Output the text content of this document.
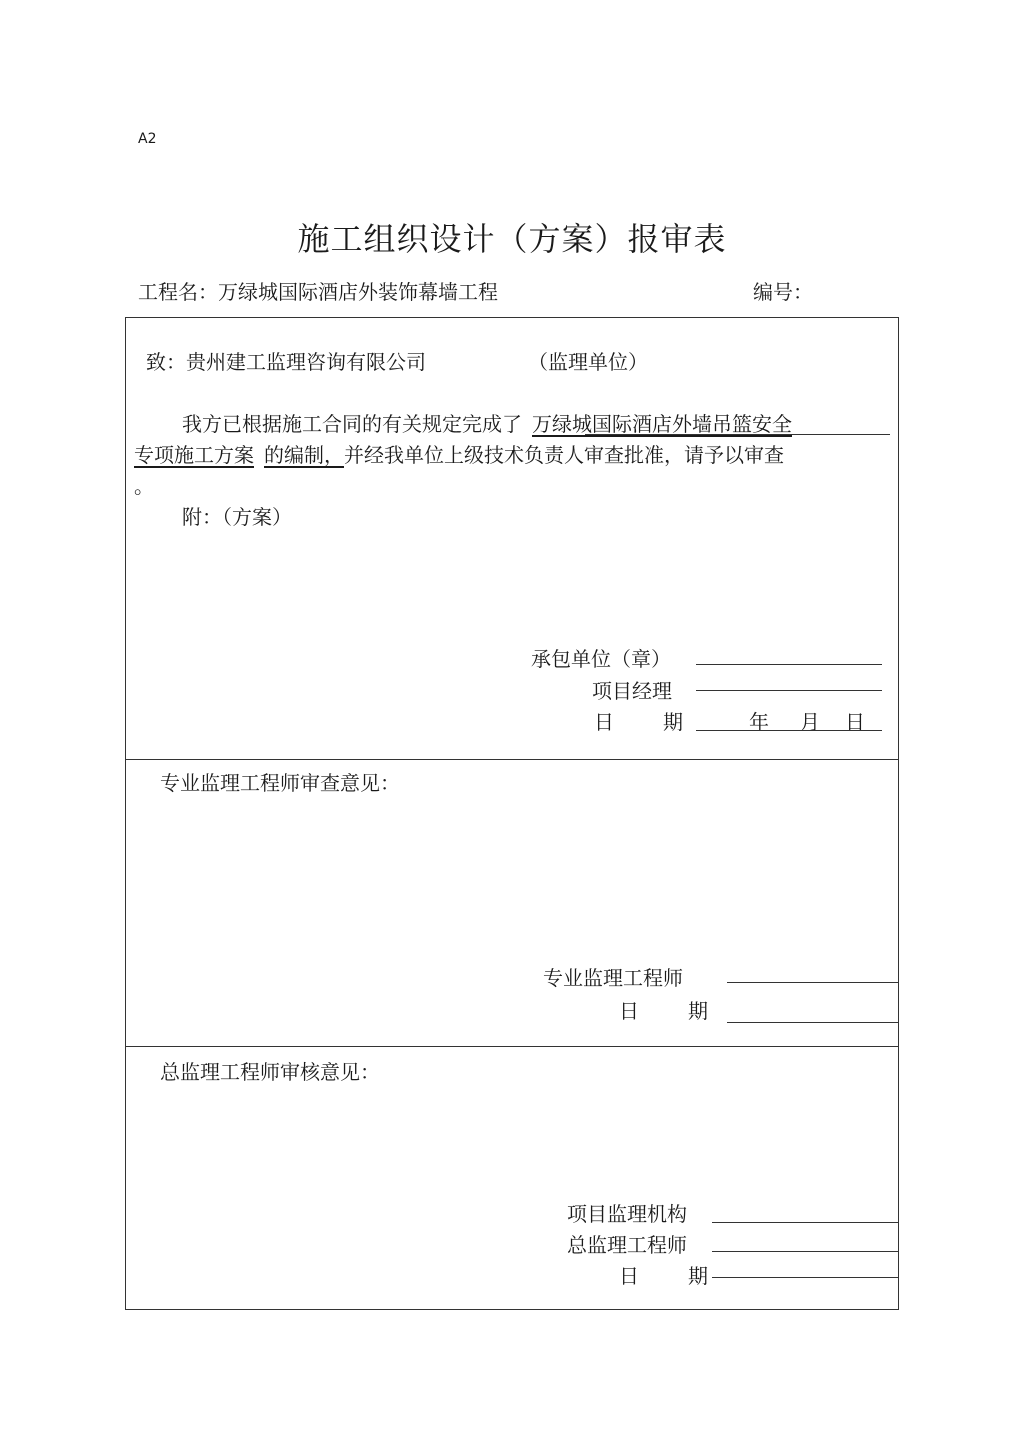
A2
施工组织设计（方案）报审表
工程名：万绿城国际酒店外装饰幕墙工程	编号：
致：贵州建工监理咨询有限公司	（监理单位）
我方已根据施工合同的有关规定完成了 万绿城国际酒店外墙吊篮安全
专项施工方案 的编制，并经我单位上级技术负责人审查批准，请予以审查
。
附：（方案）
承包单位（章）
项目经理
日 期	年 月 日
专业监理工程师审查意见：
专业监理工程师
日 期
总监理工程师审核意见：
项目监理机构
总监理工程师
日 期
